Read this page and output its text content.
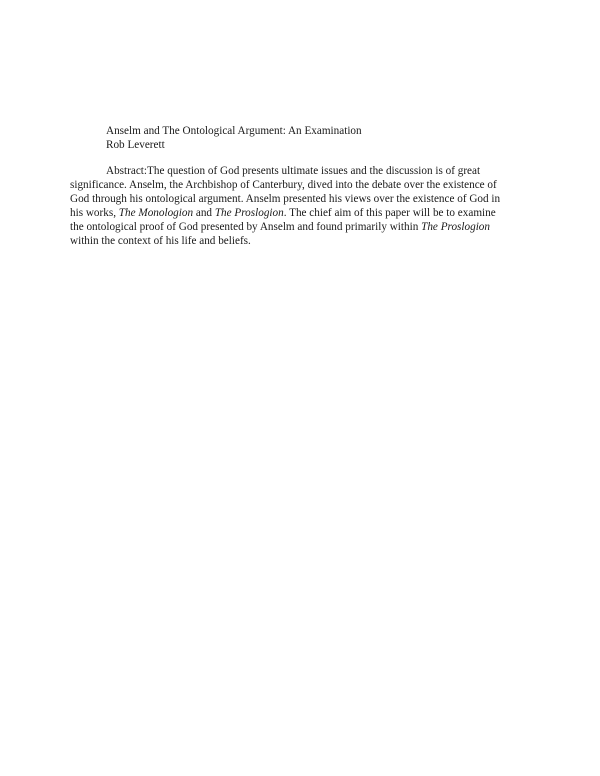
Anselm and The Ontological Argument: An Examination
Rob Leverett
Abstract:The question of God presents ultimate issues and the discussion is of great
significance. Anselm, the Archbishop of Canterbury, dived into the debate over the existence of
God through his ontological argument. Anselm presented his views over the existence of God in
his works, The Monologion and The Proslogion. The chief aim of this paper will be to examine
the ontological proof of God presented by Anselm and found primarily within The Proslogion
within the context of his life and beliefs.
